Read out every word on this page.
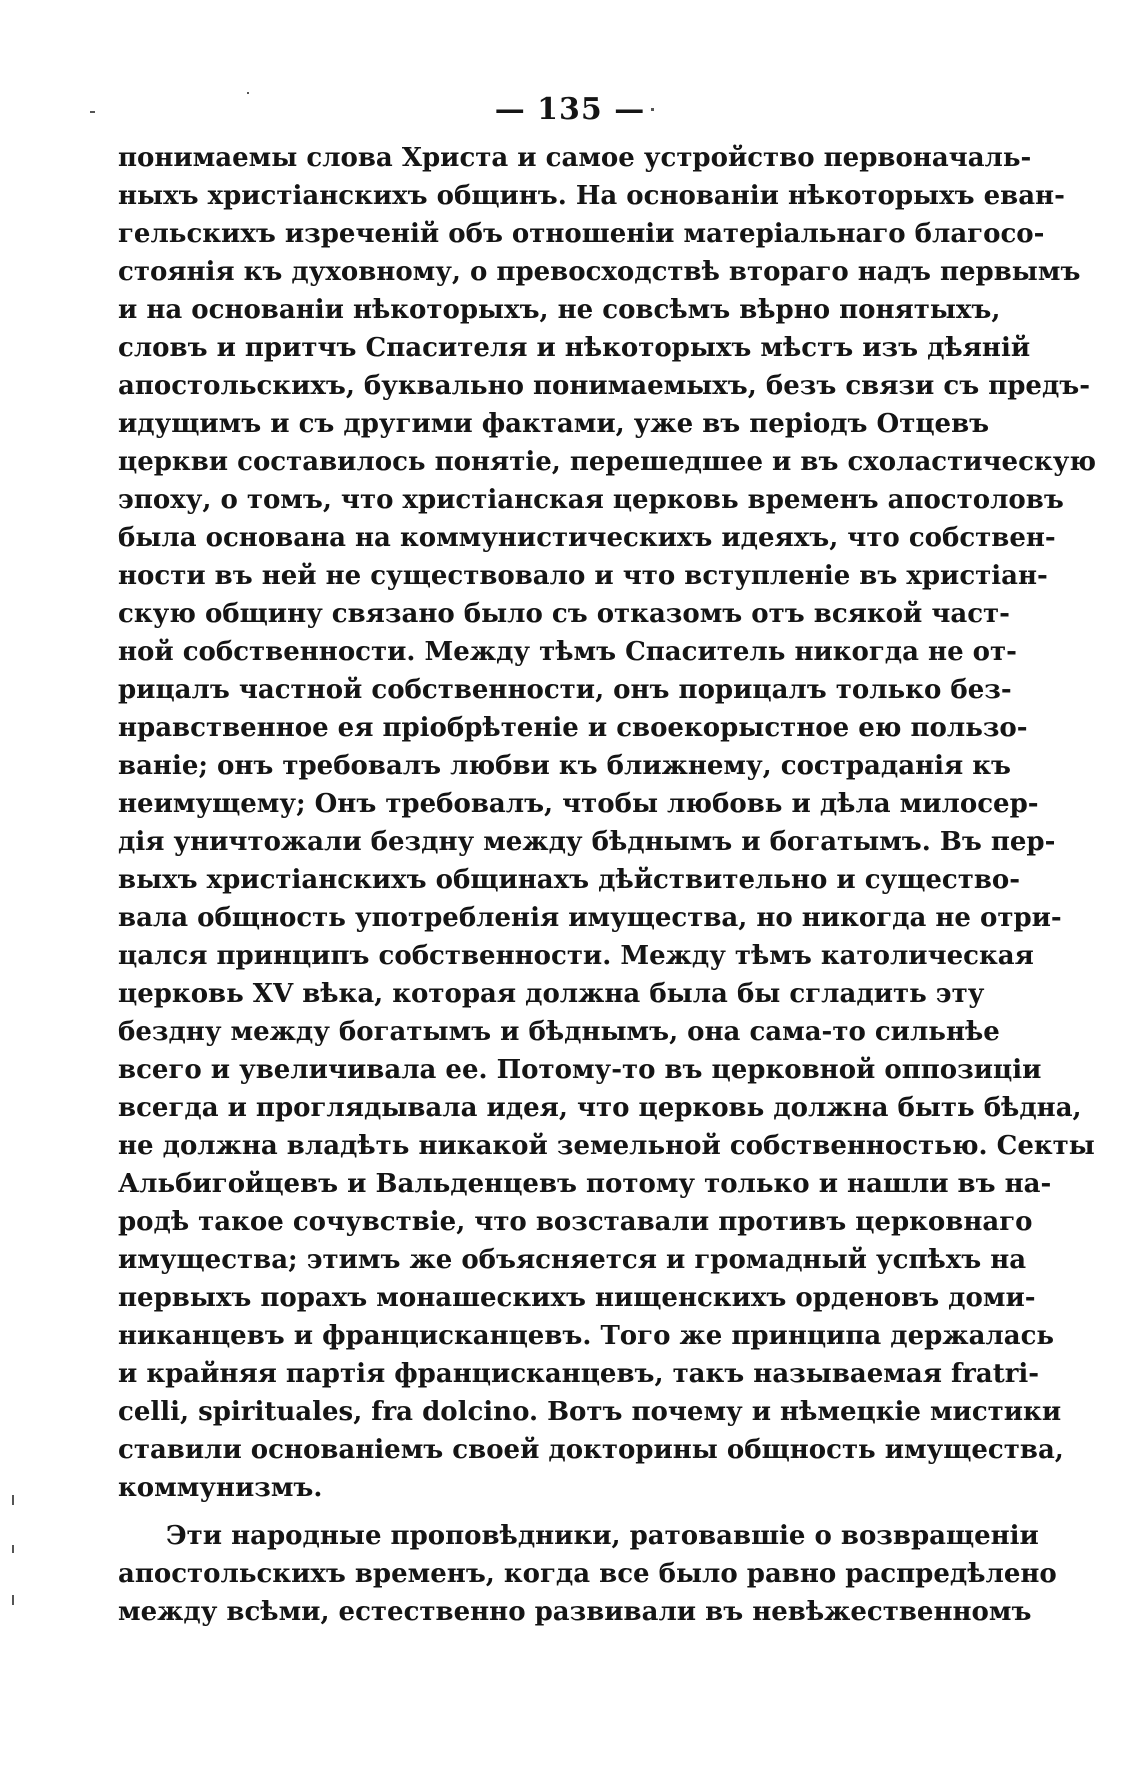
— 135 —
понимаемы слова Христа и самое устройство первоначаль-
ныхъ христіанскихъ общинъ. На основаніи нѣкоторыхъ еван-
гельскихъ изреченій объ отношеніи матеріальнаго благосо-
стоянія къ духовному, о превосходствѣ втораго надъ первымъ
и на основаніи нѣкоторыхъ, не совсѣмъ вѣрно понятыхъ,
словъ и притчъ Спасителя и нѣкоторыхъ мѣстъ изъ дѣяній
апостольскихъ, буквально понимаемыхъ, безъ связи съ предъ-
идущимъ и съ другими фактами, уже въ періодъ Отцевъ
церкви составилось понятіе, перешедшее и въ схоластическую
эпоху, о томъ, что христіанская церковь временъ апостоловъ
была основана на коммунистическихъ идеяхъ, что собствен-
ности въ ней не существовало и что вступленіе въ христіан-
скую общину связано было съ отказомъ отъ всякой част-
ной собственности. Между тѣмъ Спаситель никогда не от-
рицалъ частной собственности, онъ порицалъ только без-
нравственное ея пріобрѣтеніе и своекорыстное ею пользо-
ваніе; онъ требовалъ любви къ ближнему, состраданія къ
неимущему; Онъ требовалъ, чтобы любовь и дѣла милосер-
дія уничтожали бездну между бѣднымъ и богатымъ. Въ пер-
выхъ христіанскихъ общинахъ дѣйствительно и существо-
вала общность употребленія имущества, но никогда не отри-
цался принципъ собственности. Между тѣмъ католическая
церковь XV вѣка, которая должна была бы сгладить эту
бездну между богатымъ и бѣднымъ, она сама-то сильнѣе
всего и увеличивала ее. Потому-то въ церковной оппозиціи
всегда и проглядывала идея, что церковь должна быть бѣдна,
не должна владѣть никакой земельной собственностью. Секты
Альбигойцевъ и Вальденцевъ потому только и нашли въ на-
родѣ такое сочувствіе, что возставали противъ церковнаго
имущества; этимъ же объясняется и громадный успѣхъ на
первыхъ порахъ монашескихъ нищенскихъ орденовъ доми-
никанцевъ и францисканцевъ. Того же принципа держалась
и крайняя партія францисканцевъ, такъ называемая fratri-
celli, spirituales, fra dolcino. Вотъ почему и нѣмецкіе мистики
ставили основаніемъ своей докторины общность имущества,
коммунизмъ.
Эти народные проповѣдники, ратовавшіе о возвращеніи
апостольскихъ временъ, когда все было равно распредѣлено
между всѣми, естественно развивали въ невѣжественномъ
